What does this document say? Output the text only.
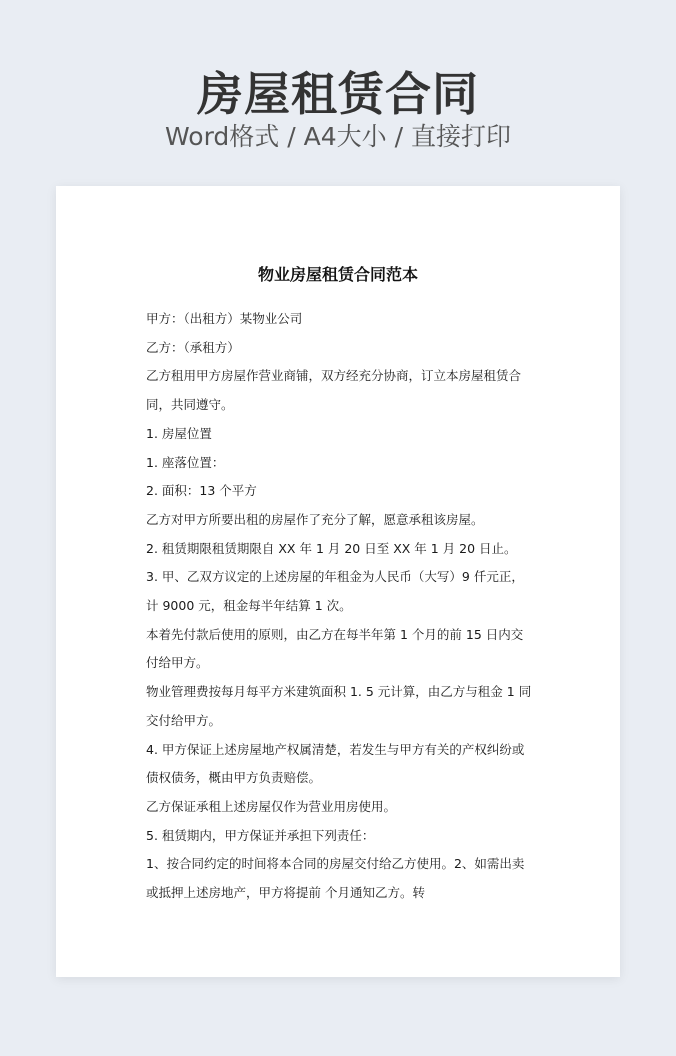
房屋租赁合同
Word格式 / A4大小 / 直接打印
物业房屋租赁合同范本

甲方：（出租方）某物业公司

乙方：（承租方）

乙方租用甲方房屋作营业商铺，双方经充分协商，订立本房屋租赁合

同，共同遵守。

1. 房屋位置

1. 座落位置：

2. 面积：13 个平方

乙方对甲方所要出租的房屋作了充分了解，愿意承租该房屋。

2. 租赁期限租赁期限自 XX 年 1 月 20 日至 XX 年 1 月 20 日止。

3. 甲、乙双方议定的上述房屋的年租金为人民币（大写）9 仟元正，

计 9000 元，租金每半年结算 1 次。

本着先付款后使用的原则，由乙方在每半年第 1 个月的前 15 日内交

付给甲方。

物业管理费按每月每平方米建筑面积 1. 5 元计算，由乙方与租金 1 同

交付给甲方。

4. 甲方保证上述房屋地产权属清楚，若发生与甲方有关的产权纠纷或

债权债务，概由甲方负责赔偿。

乙方保证承租上述房屋仅作为营业用房使用。

5. 租赁期内，甲方保证并承担下列责任：

1、按合同约定的时间将本合同的房屋交付给乙方使用。2、如需出卖

或抵押上述房地产，甲方将提前 个月通知乙方。转
